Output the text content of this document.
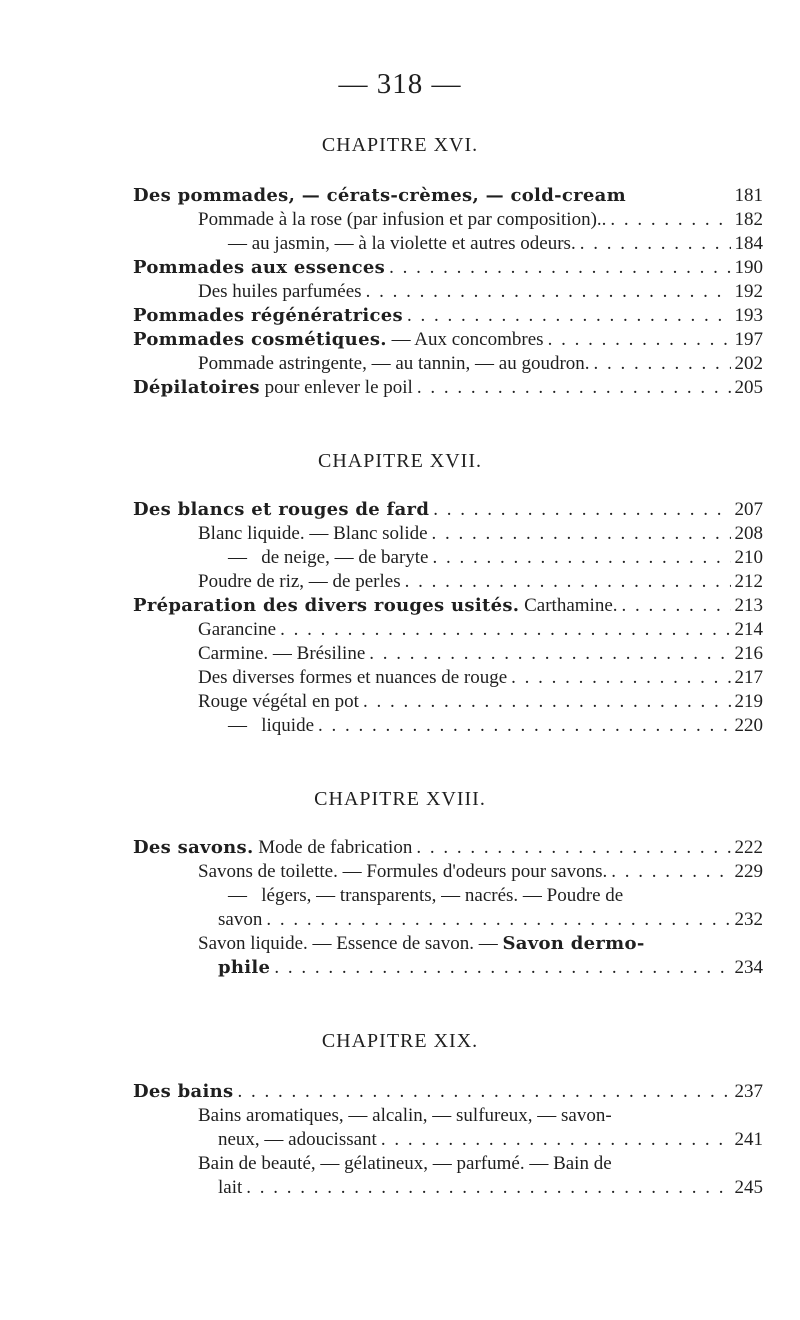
— 318 —
CHAPITRE XVI.
Des pommades, — cérats-crèmes, — cold-cream	181
Pommade à la rose (par infusion et par composition).. . . .	182
— au jasmin, — à la violette et autres odeurs. . . .	184
Pommades aux essences . . .	190
Des huiles parfumées . . .	192
Pommades régénératrices . . .	193
Pommades cosmétiques. — Aux concombres . . .	197
Pommade astringente, — au tannin, — au goudron. . . .	202
Dépilatoires pour enlever le poil . . .	205
CHAPITRE XVII.
Des blancs et rouges de fard . . .	207
Blanc liquide. — Blanc solide . . .	208
—   de neige, — de baryte . . .	210
Poudre de riz, — de perles . . .	212
Préparation des divers rouges usités. Carthamine. . . .	213
Garancine . . .	214
Carmine. — Brésiline . . .	216
Des diverses formes et nuances de rouge . . .	217
Rouge végétal en pot . . .	219
—   liquide . . .	220
CHAPITRE XVIII.
Des savons. Mode de fabrication . . .	222
Savons de toilette. — Formules d'odeurs pour savons. . . .	229
—   légers, — transparents, — nacrés. — Poudre de
savon . . .	232
Savon liquide. — Essence de savon. — Savon dermo-
phile . . .	234
CHAPITRE XIX.
Des bains . . .	237
Bains aromatiques, — alcalin, — sulfureux, — savon-
neux, — adoucissant . . .	241
Bain de beauté, — gélatineux, — parfumé. — Bain de
lait . . .	245
